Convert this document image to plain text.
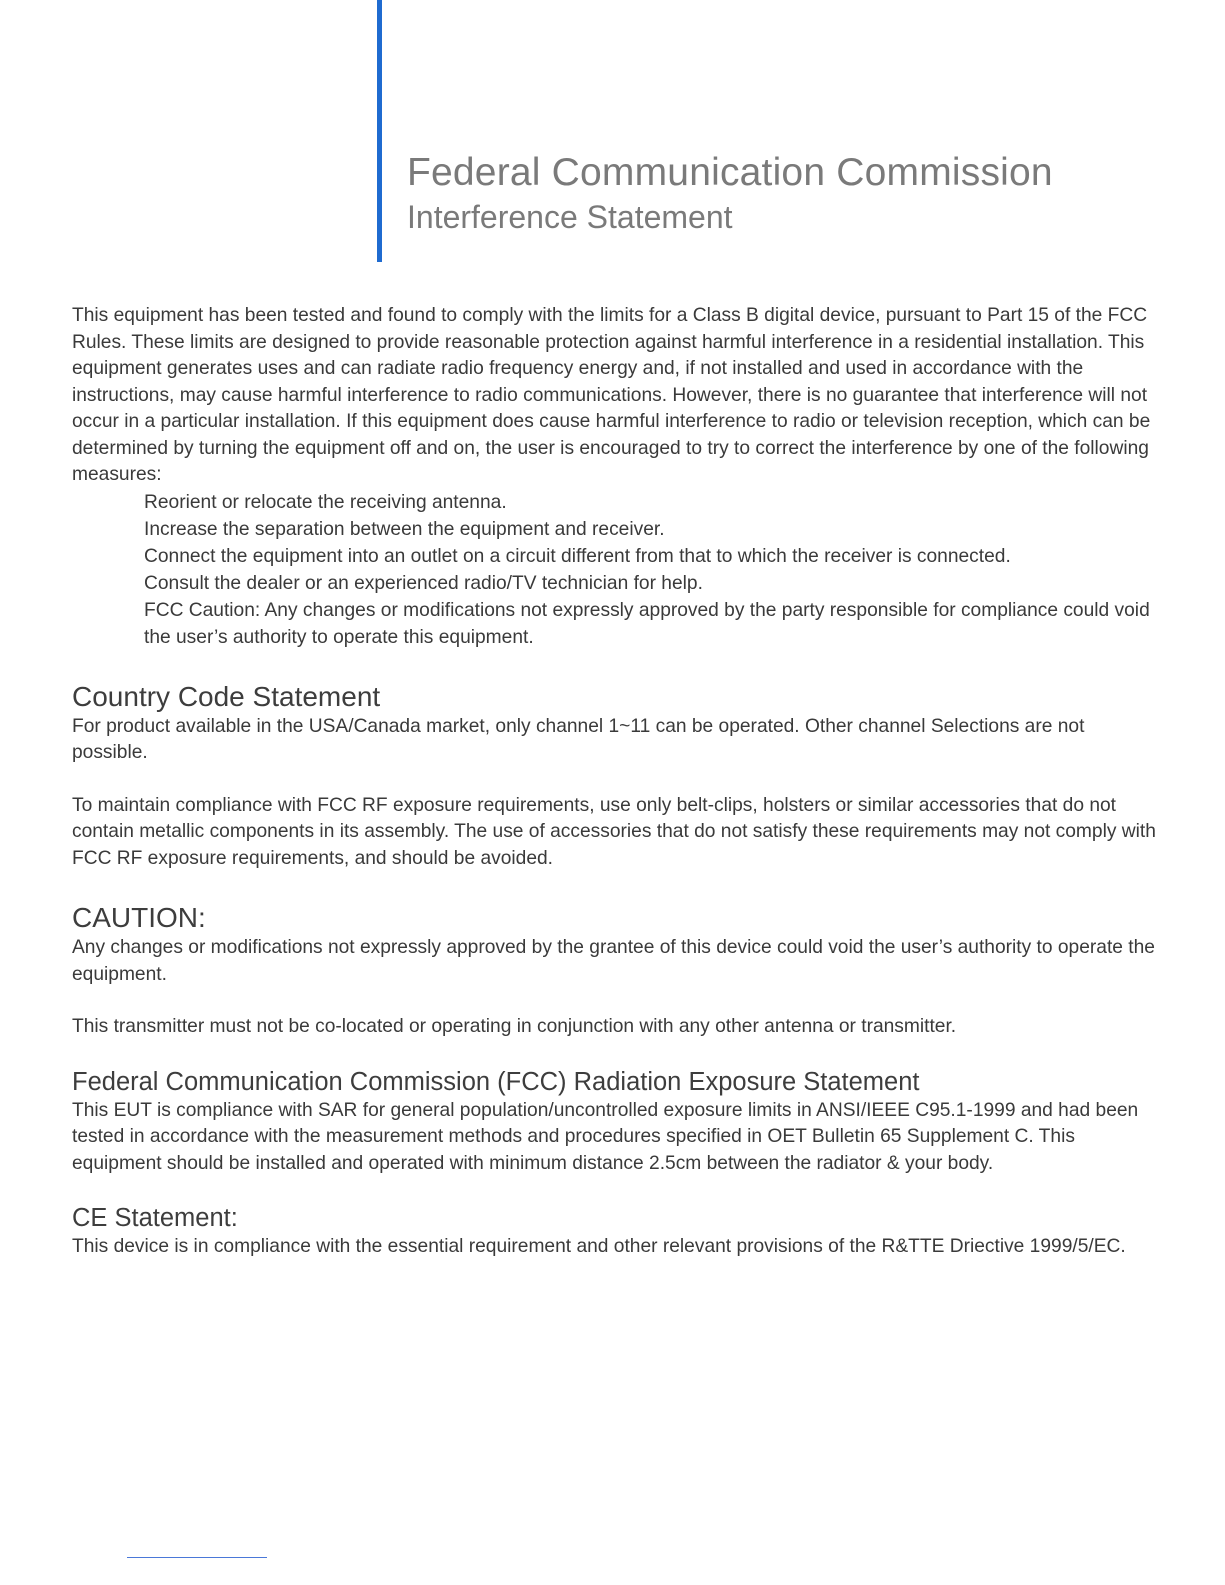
Federal Communication Commission
Interference Statement

This equipment has been tested and found to comply with the limits for a Class B digital device, pursuant to Part 15 of the FCC Rules. These limits are designed to provide reasonable protection against harmful interference in a residential installation. This equipment generates uses and can radiate radio frequency energy and, if not installed and used in accordance with the instructions, may cause harmful interference to radio communications. However, there is no guarantee that interference will not occur in a particular installation. If this equipment does cause harmful interference to radio or television reception, which can be determined by turning the equipment off and on, the user is encouraged to try to correct the interference by one of the following measures:

Reorient or relocate the receiving antenna.
Increase the separation between the equipment and receiver.
Connect the equipment into an outlet on a circuit different from that to which the receiver is connected.
Consult the dealer or an experienced radio/TV technician for help.
FCC Caution: Any changes or modifications not expressly approved by the party responsible for compliance could void the user’s authority to operate this equipment.
Country Code Statement

For product available in the USA/Canada market, only channel 1~11 can be operated. Other channel Selections are not possible.

To maintain compliance with FCC RF exposure requirements, use only belt-clips, holsters or similar accessories that do not contain metallic components in its assembly. The use of accessories that do not satisfy these requirements may not comply with FCC RF exposure requirements, and should be avoided.

CAUTION:

Any changes or modifications not expressly approved by the grantee of this device could void the user’s authority to operate the equipment.

This transmitter must not be co-located or operating in conjunction with any other antenna or transmitter.

Federal Communication Commission (FCC) Radiation Exposure Statement

This EUT is compliance with SAR for general population/uncontrolled exposure limits in ANSI/IEEE C95.1-1999 and had been tested in accordance with the measurement methods and procedures specified in OET Bulletin 65 Supplement C. This equipment should be installed and operated with minimum distance 2.5cm between the radiator & your body.

CE Statement:

This device is in compliance with the essential requirement and other relevant provisions of the R&TTE Driective 1999/5/EC.
